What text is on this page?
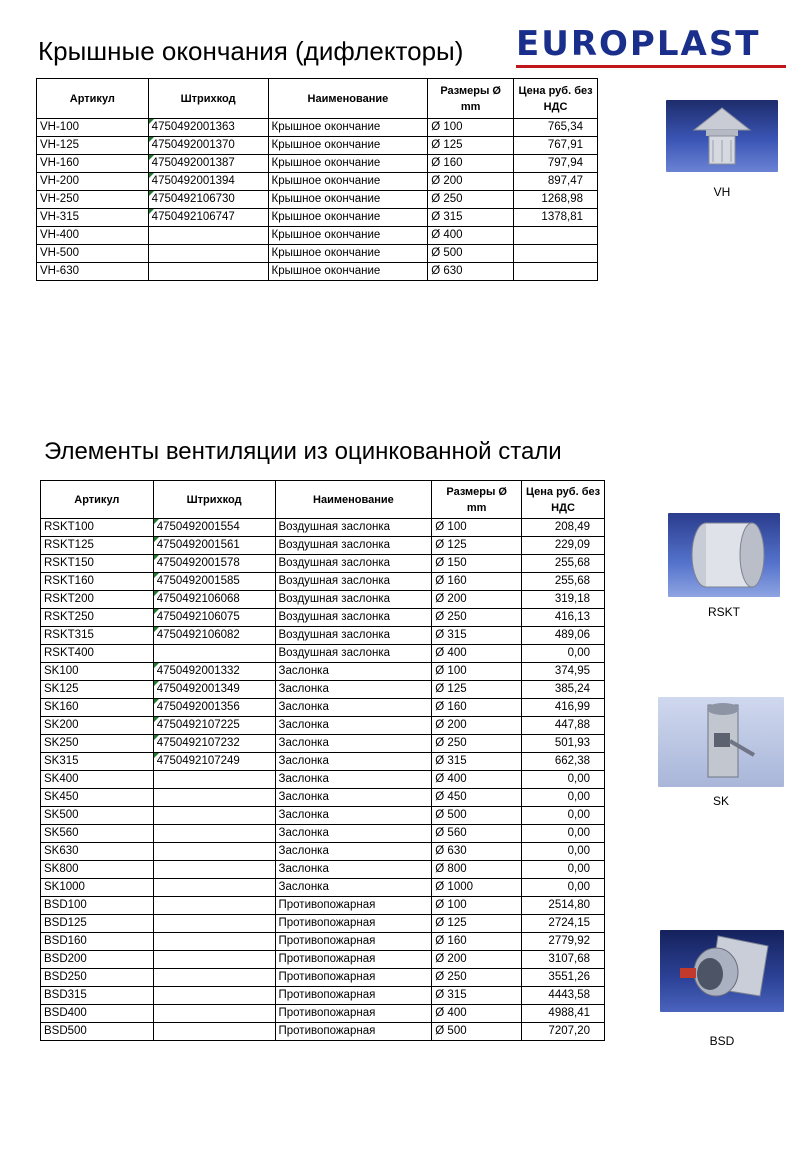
Крышные окончания (дифлекторы) EUROPLAST
Артикул	Штрихкод	Наименование	Размеры Ø mm	Цена руб. без НДС
VH-100	4750492001363	Крышное окончание	Ø 100	765,34
VH-125	4750492001370	Крышное окончание	Ø 125	767,91
VH-160	4750492001387	Крышное окончание	Ø 160	797,94
VH-200	4750492001394	Крышное окончание	Ø 200	897,47
VH-250	4750492106730	Крышное окончание	Ø 250	1268,98
VH-315	4750492106747	Крышное окончание	Ø 315	1378,81
VH-400		Крышное окончание	Ø 400	
VH-500		Крышное окончание	Ø 500	
VH-630		Крышное окончание	Ø 630	
Элементы вентиляции из оцинкованной стали
Артикул	Штрихкод	Наименование	Размеры Ø mm	Цена руб. без НДС
RSKT100	4750492001554	Воздушная заслонка	Ø 100	208,49
RSKT125	4750492001561	Воздушная заслонка	Ø 125	229,09
RSKT150	4750492001578	Воздушная заслонка	Ø 150	255,68
RSKT160	4750492001585	Воздушная заслонка	Ø 160	255,68
RSKT200	4750492106068	Воздушная заслонка	Ø 200	319,18
RSKT250	4750492106075	Воздушная заслонка	Ø 250	416,13
RSKT315	4750492106082	Воздушная заслонка	Ø 315	489,06
RSKT400		Воздушная заслонка	Ø 400	0,00
SK100	4750492001332	Заслонка	Ø 100	374,95
SK125	4750492001349	Заслонка	Ø 125	385,24
SK160	4750492001356	Заслонка	Ø 160	416,99
SK200	4750492107225	Заслонка	Ø 200	447,88
SK250	4750492107232	Заслонка	Ø 250	501,93
SK315	4750492107249	Заслонка	Ø 315	662,38
SK400		Заслонка	Ø 400	0,00
SK450		Заслонка	Ø 450	0,00
SK500		Заслонка	Ø 500	0,00
SK560		Заслонка	Ø 560	0,00
SK630		Заслонка	Ø 630	0,00
SK800		Заслонка	Ø 800	0,00
SK1000		Заслонка	Ø 1000	0,00
BSD100		Противопожарная	Ø 100	2514,80
BSD125		Противопожарная	Ø 125	2724,15
BSD160		Противопожарная	Ø 160	2779,92
BSD200		Противопожарная	Ø 200	3107,68
BSD250		Противопожарная	Ø 250	3551,26
BSD315		Противопожарная	Ø 315	4443,58
BSD400		Противопожарная	Ø 400	4988,41
BSD500		Противопожарная	Ø 500	7207,20
VH
RSKT
SK
BSD
